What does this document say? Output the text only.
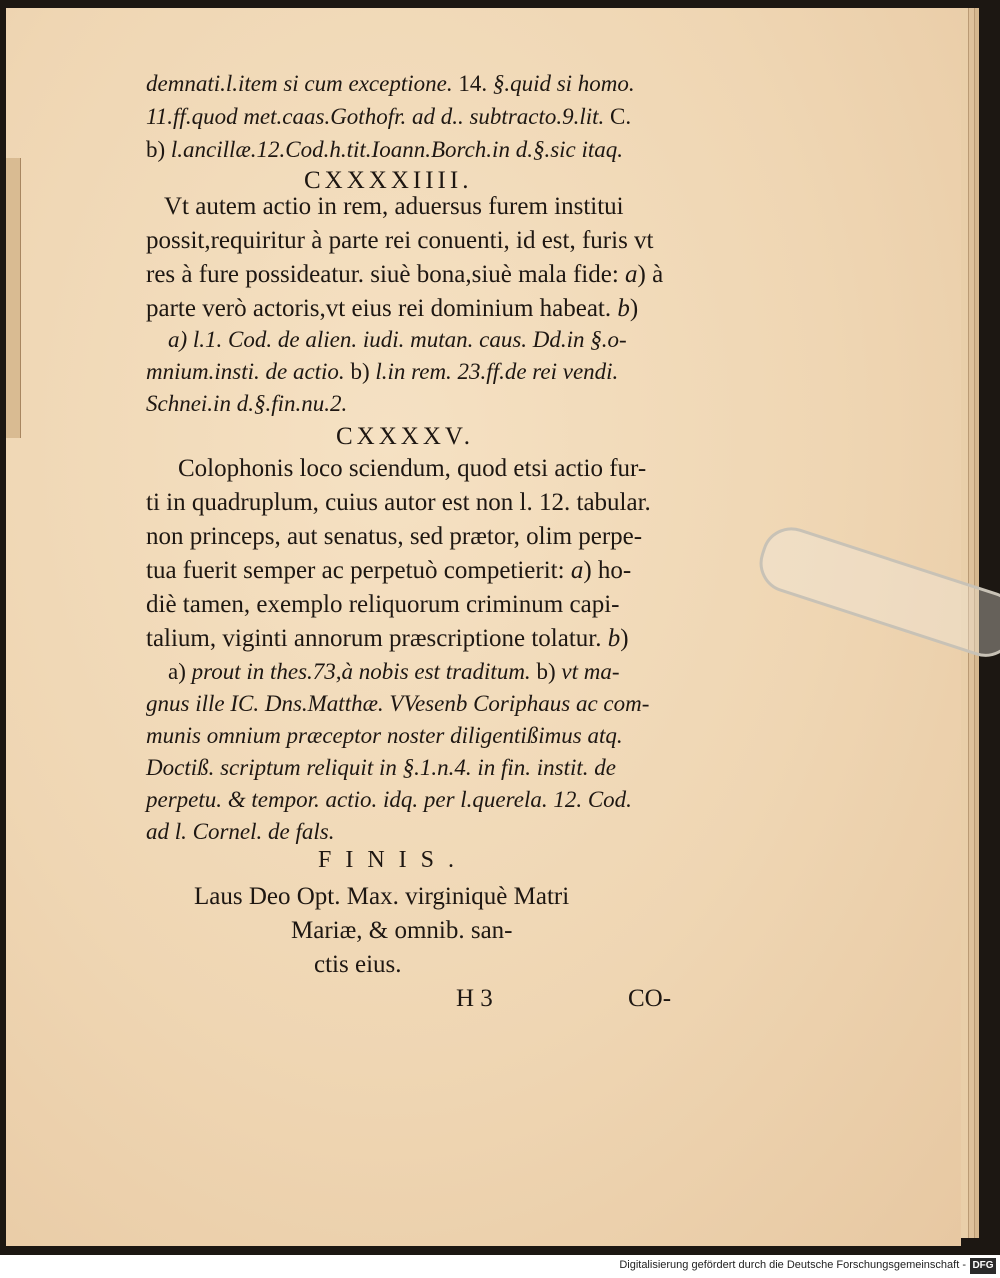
demnati.l.item si cum exceptione. 14. §.quid si homo.
11.ff.quod met.caas.Gothofr. ad d.. subtracto.9.lit. C.
b) l.ancillæ.12.Cod.h.tit.Ioann.Borch.in d.§.sic itaq.
CXXXXIIII.
Vt autem actio in rem, aduersus furem institui
possit,requiritur à parte rei conuenti, id est, furis vt
res à fure possideatur. siuè bona,siuè mala fide: a) à
parte verò actoris,vt eius rei dominium habeat. b)
a) l.1. Cod. de alien. iudi. mutan. caus. Dd.in §.o-
mnium.insti. de actio. b) l.in rem. 23.ff.de rei vendi.
Schnei.in d.§.fin.nu.2.
CXXXXV.
Colophonis loco sciendum, quod etsi actio fur-
ti in quadruplum, cuius autor est non l. 12. tabular.
non princeps, aut senatus, sed prætor, olim perpe-
tua fuerit semper ac perpetuò competierit: a) ho-
diè tamen, exemplo reliquorum criminum capi-
talium, viginti annorum præscriptione tolatur. b)
a) prout in thes.73,à nobis est traditum. b) vt ma-
gnus ille IC. Dns.Matthæ. VVesenb Coriphaus ac com-
munis omnium præceptor noster diligentißimus atq.
Doctiß. scriptum reliquit in §.1.n.4. in fin. instit. de
perpetu. & tempor. actio. idq. per l.querela. 12. Cod.
ad l. Cornel. de fals.
FINIS.
Laus Deo Opt. Max. virginiquè Matri
Mariæ, & omnib. san-
ctis eius.
H 3	CO-
Digitalisierung gefördert durch die Deutsche Forschungsgemeinschaft - DFG
